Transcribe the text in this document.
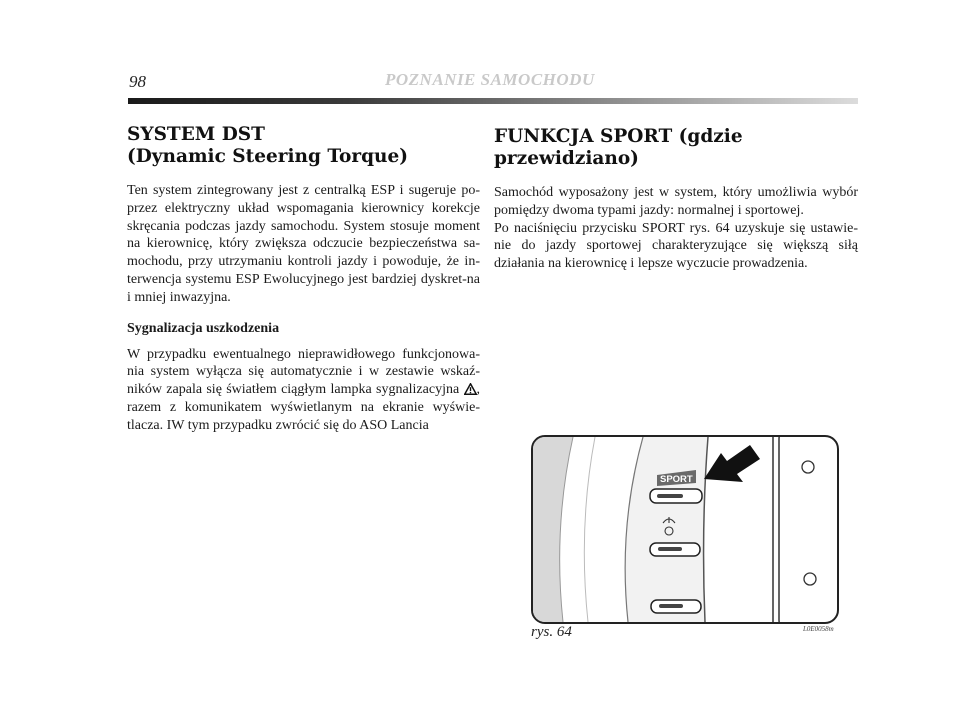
98	POZNANIE SAMOCHODU
SYSTEM DST
(Dynamic Steering Torque)

Ten system zintegrowany jest z centralką ESP i sugeruje po-przez elektryczny układ wspomagania kierownicy korekcje skręcania podczas jazdy samochodu. System stosuje moment na kierownicę, który zwiększa odczucie bezpieczeństwa sa-mochodu, przy utrzymaniu kontroli jazdy i powoduje, że in-terwencja systemu ESP Ewolucyjnego jest bardziej dyskret-na i mniej inwazyjna.

Sygnalizacja uszkodzenia

W przypadku ewentualnego nieprawidłowego funkcjonowa-nia system wyłącza się automatycznie i w zestawie wskaź-ników zapala się światłem ciągłym lampka sygnalizacyjna , razem z komunikatem wyświetlanym na ekranie wyświe-tlacza. IW tym przypadku zwrócić się do ASO Lancia

FUNKCJA SPORT (gdzie przewidziano)

Samochód wyposażony jest w system, który umożliwia wybór pomiędzy dwoma typami jazdy: normalnej i sportowej.

Po naciśnięciu przycisku SPORT rys. 64 uzyskuje się ustawie-nie do jazdy sportowej charakteryzujące się większą siłą działania na kierownicę i lepsze wyczucie prowadzenia.

SPORT
rys. 64	L0E0058m
